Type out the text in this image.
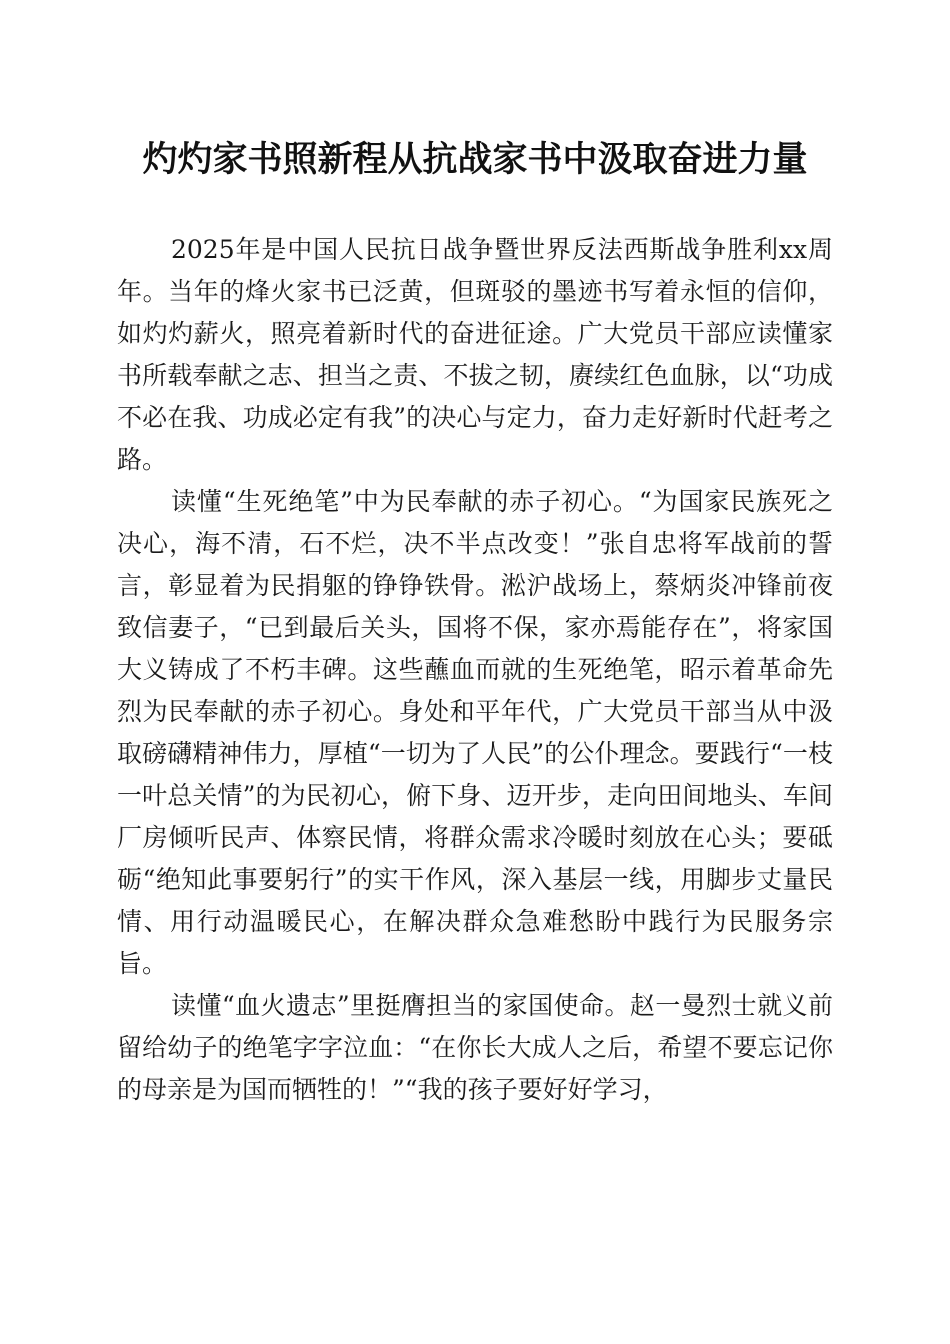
灼灼家书照新程从抗战家书中汲取奋进力量

2025年是中国人民抗日战争暨世界反法西斯战争胜利xx周年。当年的烽火家书已泛黄，但斑驳的墨迹书写着永恒的信仰，如灼灼薪火，照亮着新时代的奋进征途。广大党员干部应读懂家书所载奉献之志、担当之责、不拔之韧，赓续红色血脉，以“功成不必在我、功成必定有我”的决心与定力，奋力走好新时代赶考之路。

读懂“生死绝笔”中为民奉献的赤子初心。“为国家民族死之决心，海不清，石不烂，决不半点改变！”张自忠将军战前的誓言，彰显着为民捐躯的铮铮铁骨。淞沪战场上，蔡炳炎冲锋前夜致信妻子，“已到最后关头，国将不保，家亦焉能存在”，将家国大义铸成了不朽丰碑。这些蘸血而就的生死绝笔，昭示着革命先烈为民奉献的赤子初心。身处和平年代，广大党员干部当从中汲取磅礴精神伟力，厚植“一切为了人民”的公仆理念。要践行“一枝一叶总关情”的为民初心，俯下身、迈开步，走向田间地头、车间厂房倾听民声、体察民情，将群众需求冷暖时刻放在心头；要砥砺“绝知此事要躬行”的实干作风，深入基层一线，用脚步丈量民情、用行动温暖民心，在解决群众急难愁盼中践行为民服务宗旨。

读懂“血火遗志”里挺膺担当的家国使命。赵一曼烈士就义前留给幼子的绝笔字字泣血：“在你长大成人之后，希望不要忘记你的母亲是为国而牺牲的！”“我的孩子要好好学习，
